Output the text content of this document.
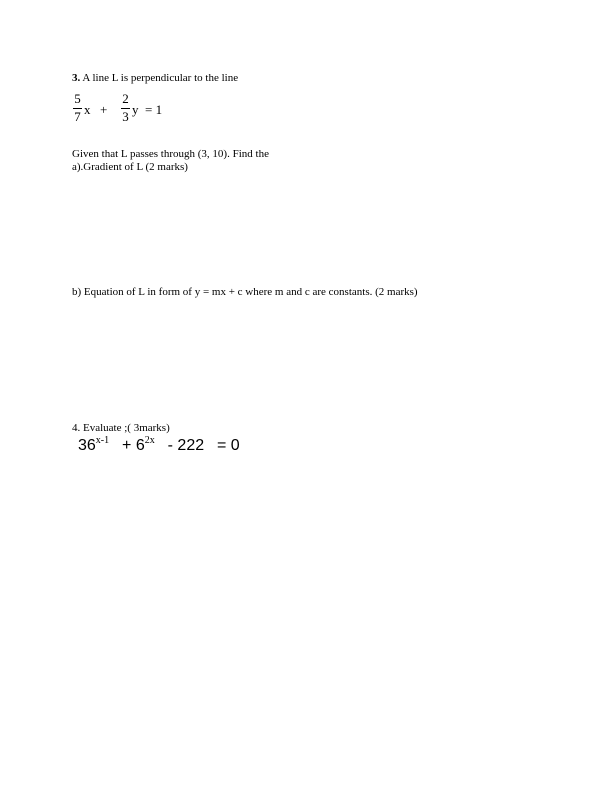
3. A line L is perpendicular to the line
5
7 x +
2
3 y = 1
Given that L passes through (3, 10). Find the
a).Gradient of L (2 marks)
b) Equation of L in form of y = mx + c where m and c are constants. (2 marks)
4. Evaluate ;( 3marks)
$36^{x-1} + 6^{2x} - 222 = 0$
